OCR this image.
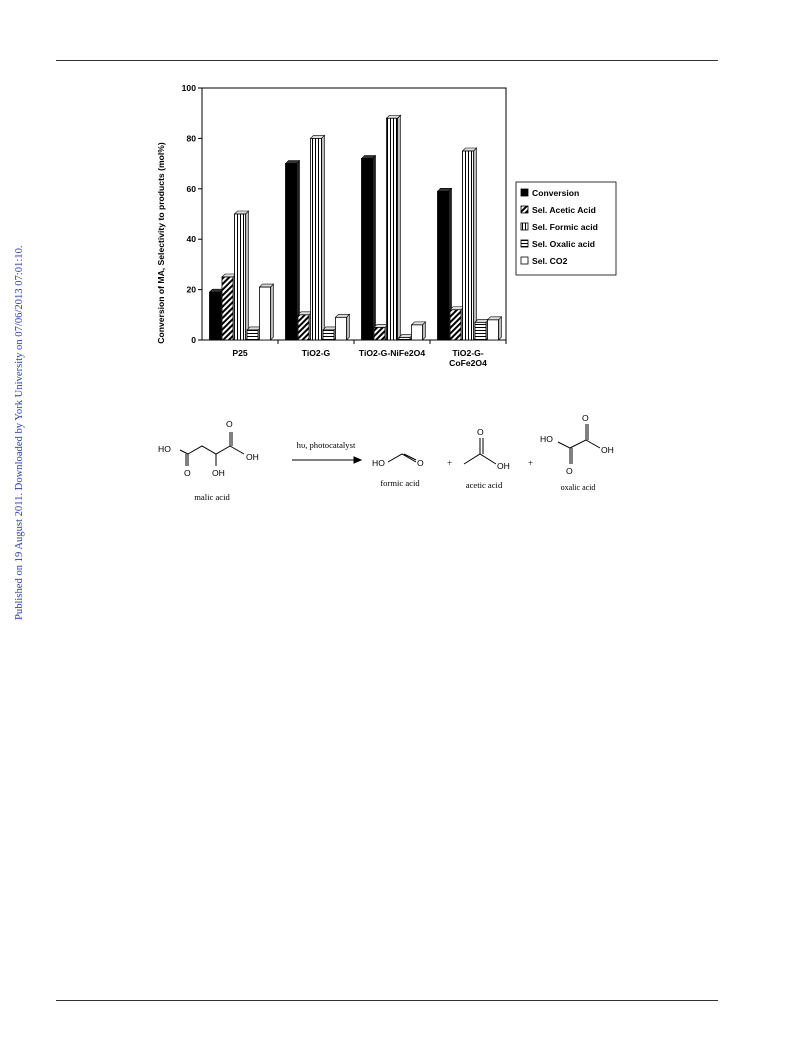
Published on 19 August 2011. Downloaded by York University on 07/06/2013 07:01:10.	0
20
40
60
80
100
P25	TiO2-G	TiO2-G-NiFe2O4	TiO2-G-
CoFe2O4
Conversion of MA, Selectivity to products (mol%)	Conversion
Sel. Acetic Acid
Sel. Formic acid
Sel. Oxalic acid
Sel. CO2
HO
O
O
OH
OH
malic acid
hυ, photocatalyst
HO	O
formic acid
+
O
OH
acetic acid
+
HO
O
O
OH
oxalic acid
